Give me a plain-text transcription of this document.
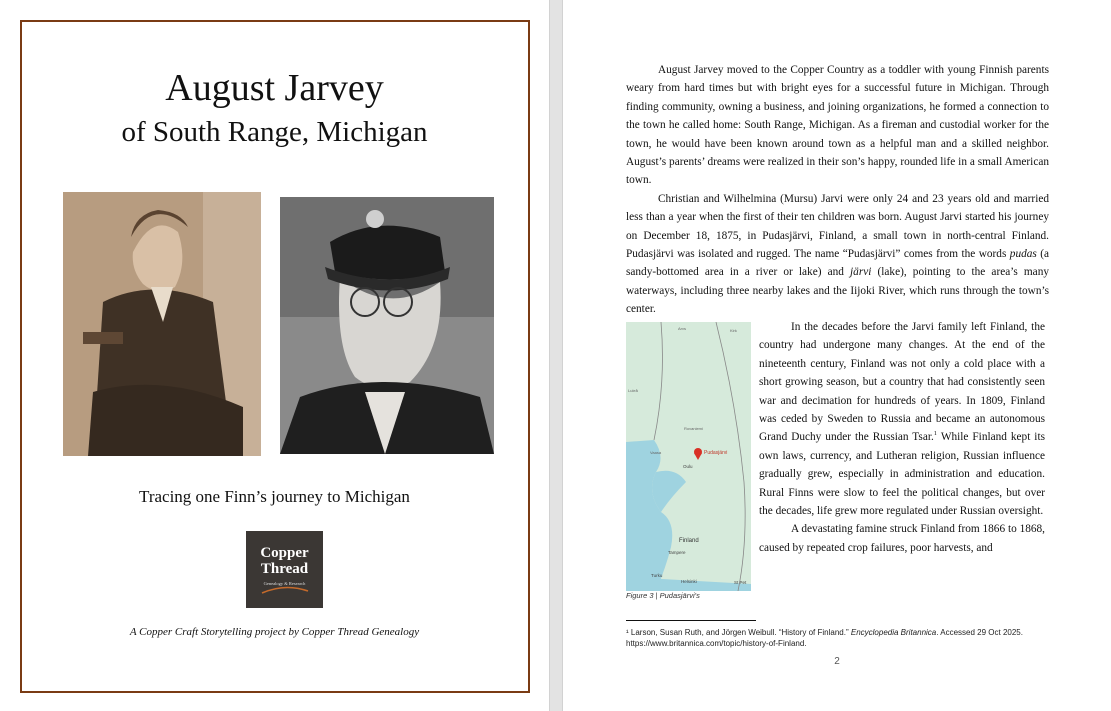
August Jarvey
of South Range, Michigan
Tracing one Finn’s journey to Michigan
Copper
Thread
Genealogy & Research
A Copper Craft Storytelling project by Copper Thread Genealogy

August Jarvey moved to the Copper Country as a toddler with young Finnish parents weary from hard times but with bright eyes for a successful future in Michigan. Through finding community, owning a business, and joining organizations, he formed a connection to the town he called home: South Range, Michigan. As a fireman and custodial worker for the town, he would have been known around town as a helpful man and a skilled neighbor. August’s parents’ dreams were realized in their son’s happy, rounded life in a small American town.

Christian and Wilhelmina (Mursu) Jarvi were only 24 and 23 years old and married less than a year when the first of their ten children was born. August Jarvi started his journey on December 18, 1875, in Pudasjärvi, Finland, a small town in north-central Finland. Pudasjärvi was isolated and rugged. The name “Pudasjärvi” comes from the words pudas (a sandy-bottomed area in a river or lake) and järvi (lake), pointing to the area’s many waterways, including three nearby lakes and the Iijoki River, which runs through the town’s center.

Pudasjärvi
Oulu
Finland
Tampere
Turku
Helsinki	St Pet
Luleå
Rovaniemi
Vaasa
Arvs	Kirk	In the decades before the Jarvi family left Finland, the country had undergone many changes. At the end of the nineteenth century, Finland was not only a cold place with a short growing season, but a country that had consistently seen war and decimation for hundreds of years. In 1809, Finland was ceded by Sweden to Russia and became an autonomous Grand Duchy under the Russian Tsar.$^1$ While Finland kept its own laws, currency, and Lutheran religion, Russian influence gradually grew, especially in administration and education. Rural Finns were slow to feel the political changes, but over the decades, life grew more regulated under Russian oversight.

A devastating famine struck Finland from 1866 to 1868, caused by repeated crop failures, poor harvests, and

Figure 3 | Pudasjärvi's
¹ Larson, Susan Ruth, and Jörgen Weibull. “History of Finland.” Encyclopedia Britannica. Accessed 29 Oct 2025. https://www.britannica.com/topic/history-of-Finland.
2
